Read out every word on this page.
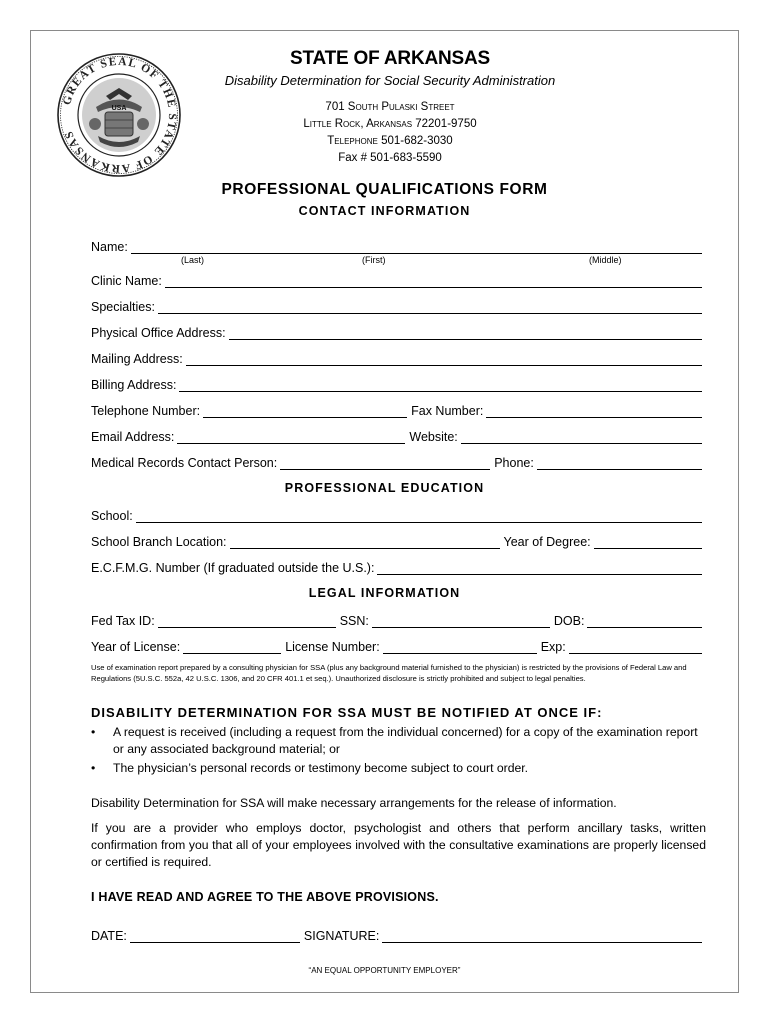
GREAT SEAL OF THE STATE OF ARKANSAS
USA
STATE OF ARKANSAS
Disability Determination for Social Security Administration
701 South Pulaski Street
Little Rock, Arkansas 72201-9750
Telephone 501-682-3030
Fax # 501-683-5590
PROFESSIONAL QUALIFICATIONS FORM
CONTACT INFORMATION
Name:
(Last)	(First)	(Middle)
Clinic Name:
Specialties:
Physical Office Address:
Mailing Address:
Billing Address:
Telephone Number:	Fax Number:
Email Address:	Website:
Medical Records Contact Person:	Phone:
PROFESSIONAL EDUCATION
School:
School Branch Location:	Year of Degree:
E.C.F.M.G. Number (If graduated outside the U.S.):
LEGAL INFORMATION
Fed Tax ID:	SSN:	DOB:
Year of License:	License Number:	Exp:
Use of examination report prepared by a consulting physician for SSA (plus any background material furnished to the physician) is restricted by the provisions of Federal Law and Regulations (5U.S.C. 552a, 42 U.S.C. 1306, and 20 CFR 401.1 et seq.). Unauthorized disclosure is strictly prohibited and subject to legal penalties.
DISABILITY DETERMINATION FOR SSA MUST BE NOTIFIED AT ONCE IF:
•	A request is received (including a request from the individual concerned) for a copy of the examination report or any associated background material; or
•	The physician’s personal records or testimony become subject to court order.
Disability Determination for SSA will make necessary arrangements for the release of information.
If you are a provider who employs doctor, psychologist and others that perform ancillary tasks, written confirmation from you that all of your employees involved with the consultative examinations are properly licensed or certified is required.
I HAVE READ AND AGREE TO THE ABOVE PROVISIONS.
DATE:	SIGNATURE:
“AN EQUAL OPPORTUNITY EMPLOYER”
